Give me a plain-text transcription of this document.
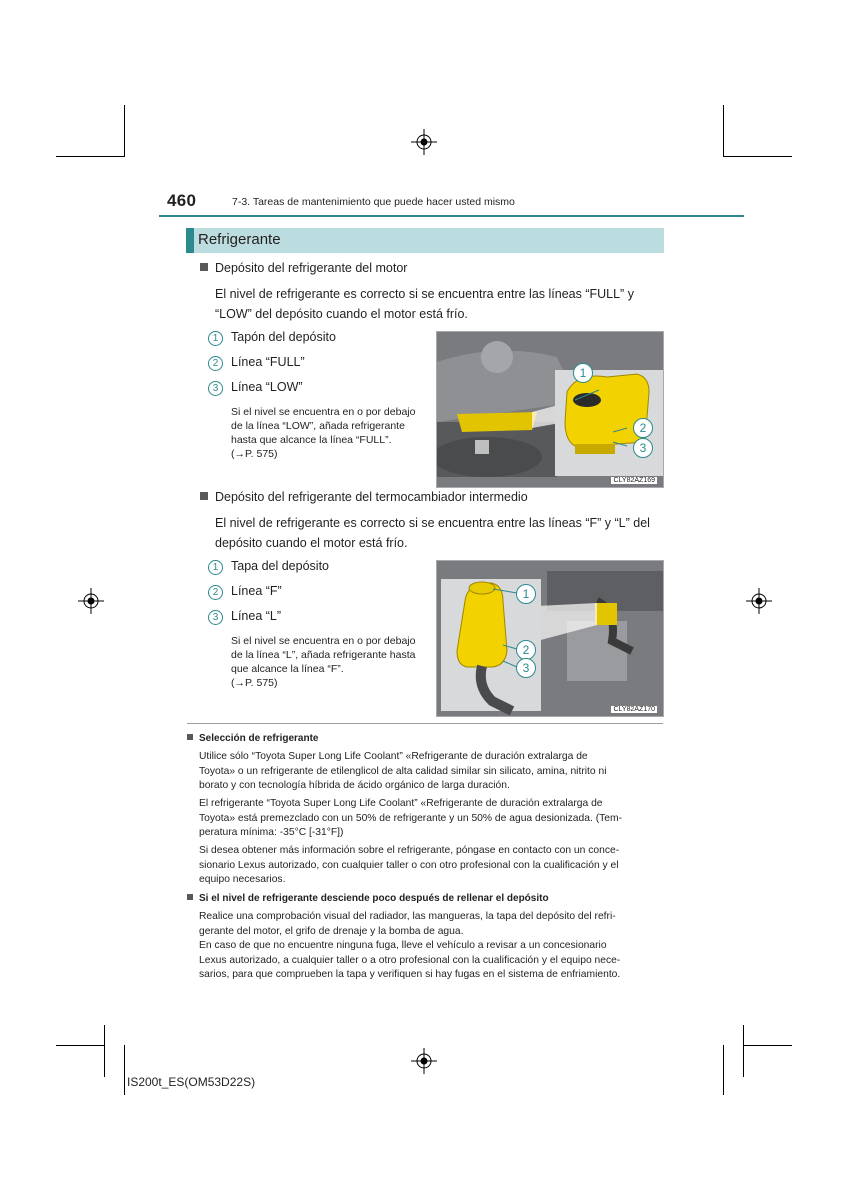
460	7-3. Tareas de mantenimiento que puede hacer usted mismo
Refrigerante
Depósito del refrigerante del motor
El nivel de refrigerante es correcto si se encuentra entre las líneas “FULL” y
“LOW” del depósito cuando el motor está frío.
1 Tapón del depósito
2 Línea “FULL”
3 Línea “LOW”
Si el nivel se encuentra en o por debajo
de la línea “LOW”, añada refrigerante
hasta que alcance la línea “FULL”.
(→P. 575)
1
2
3
CLY82AZ169
Depósito del refrigerante del termocambiador intermedio
El nivel de refrigerante es correcto si se encuentra entre las líneas “F” y “L” del
depósito cuando el motor está frío.
1 Tapa del depósito
2 Línea “F”
3 Línea “L”
Si el nivel se encuentra en o por debajo
de la línea “L”, añada refrigerante hasta
que alcance la línea “F”.
(→P. 575)
1
2
3
CLY82AZ170
Selección de refrigerante
Utilice sólo “Toyota Super Long Life Coolant” «Refrigerante de duración extralarga de
Toyota» o un refrigerante de etilenglicol de alta calidad similar sin silicato, amina, nitrito ni
borato y con tecnología híbrida de ácido orgánico de larga duración.
El refrigerante “Toyota Super Long Life Coolant” «Refrigerante de duración extralarga de
Toyota» está premezclado con un 50% de refrigerante y un 50% de agua desionizada. (Tem-
peratura mínima: -35°C [-31°F])
Si desea obtener más información sobre el refrigerante, póngase en contacto con un conce-
sionario Lexus autorizado, con cualquier taller o con otro profesional con la cualificación y el
equipo necesarios.
Si el nivel de refrigerante desciende poco después de rellenar el depósito
Realice una comprobación visual del radiador, las mangueras, la tapa del depósito del refri-
gerante del motor, el grifo de drenaje y la bomba de agua.
En caso de que no encuentre ninguna fuga, lleve el vehículo a revisar a un concesionario
Lexus autorizado, a cualquier taller o a otro profesional con la cualificación y el equipo nece-
sarios, para que comprueben la tapa y verifiquen si hay fugas en el sistema de enfriamiento.
IS200t_ES(OM53D22S)
